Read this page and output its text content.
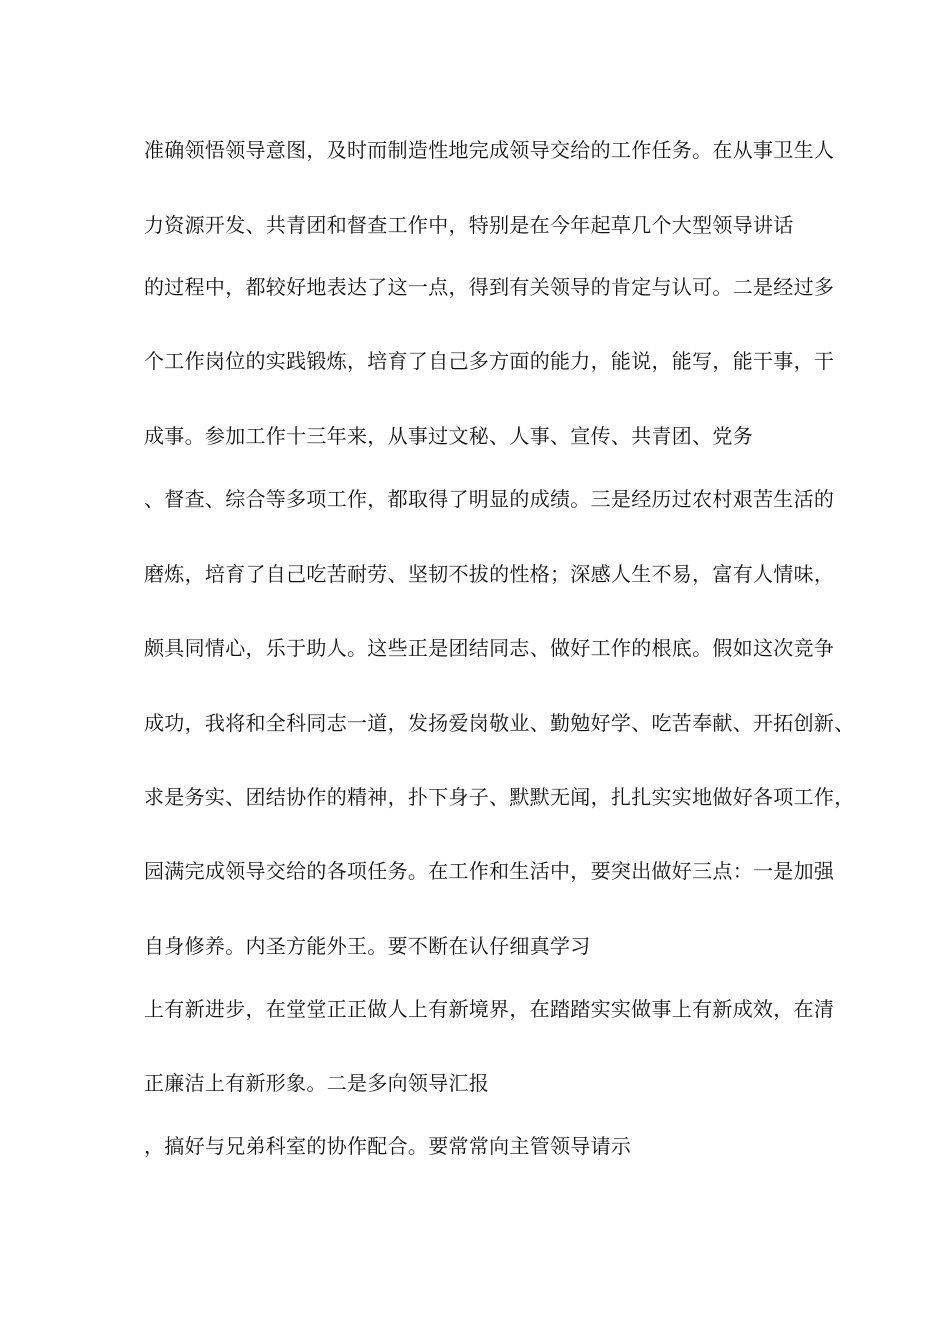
准确领悟领导意图，及时而制造性地完成领导交给的工作任务。在从事卫生人

力资源开发、共青团和督查工作中，特别是在今年起草几个大型领导讲话

的过程中，都较好地表达了这一点，得到有关领导的肯定与认可。二是经过多

个工作岗位的实践锻炼，培育了自己多方面的能力，能说，能写，能干事，干

成事。参加工作十三年来，从事过文秘、人事、宣传、共青团、党务

、督查、综合等多项工作，都取得了明显的成绩。三是经历过农村艰苦生活的

磨炼，培育了自己吃苦耐劳、坚韧不拔的性格；深感人生不易，富有人情味，

颇具同情心，乐于助人。这些正是团结同志、做好工作的根底。假如这次竞争

成功，我将和全科同志一道，发扬爱岗敬业、勤勉好学、吃苦奉献、开拓创新、

求是务实、团结协作的精神，扑下身子、默默无闻，扎扎实实地做好各项工作，

园满完成领导交给的各项任务。在工作和生活中，要突出做好三点：一是加强

自身修养。内圣方能外王。要不断在认仔细真学习

上有新进步，在堂堂正正做人上有新境界，在踏踏实实做事上有新成效，在清

正廉洁上有新形象。二是多向领导汇报

，搞好与兄弟科室的协作配合。要常常向主管领导请示
